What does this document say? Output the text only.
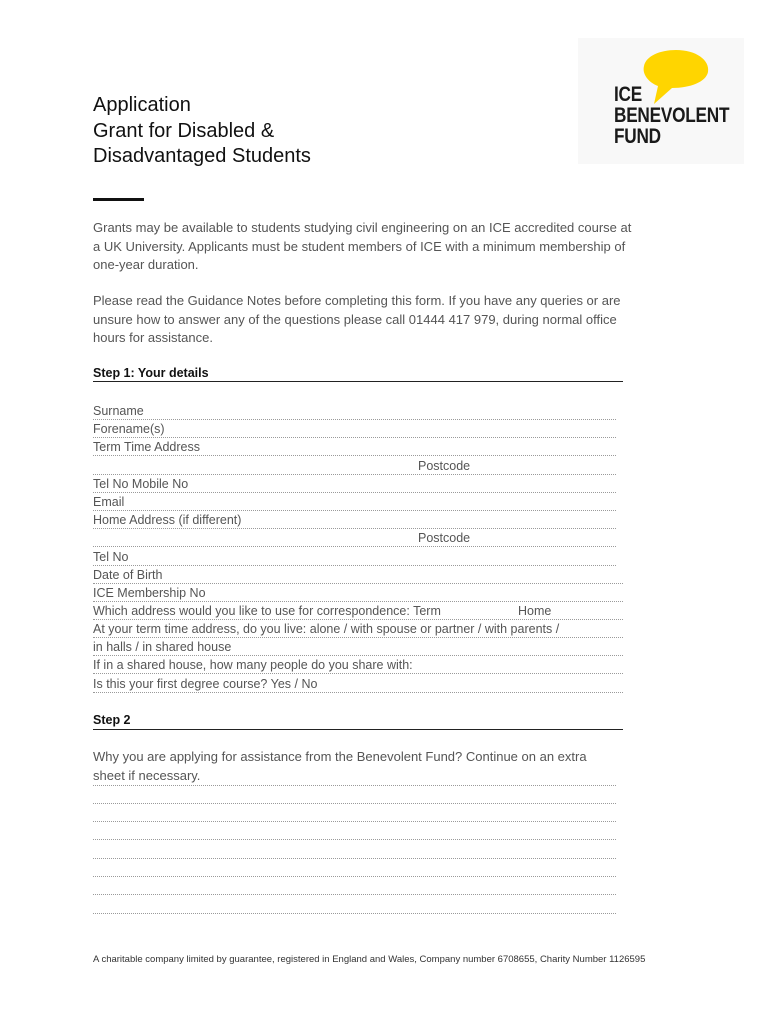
Application
Grant for Disabled &
Disadvantaged Students
ICE
BENEVOLENT
FUND
Grants may be available to students studying civil engineering on an ICE accredited course at a UK University. Applicants must be student members of ICE with a minimum membership of one-year duration.
Please read the Guidance Notes before completing this form. If you have any queries or are unsure how to answer any of the questions please call 01444 417 979, during normal office hours for assistance.
Step 1: Your details
Surname
Forename(s)
Term Time Address
Postcode
Tel No Mobile No
Email
Home Address (if different)
Postcode
Tel No
Date of Birth
ICE Membership No
Which address would you like to use for correspondence: Term	Home
At your term time address, do you live: alone / with spouse or partner / with parents /
in halls / in shared house
If in a shared house, how many people do you share with:
Is this your first degree course? Yes / No
Step 2
Why you are applying for assistance from the Benevolent Fund? Continue on an extra
sheet if necessary.
A charitable company limited by guarantee, registered in England and Wales, Company number 6708655, Charity Number 1126595
